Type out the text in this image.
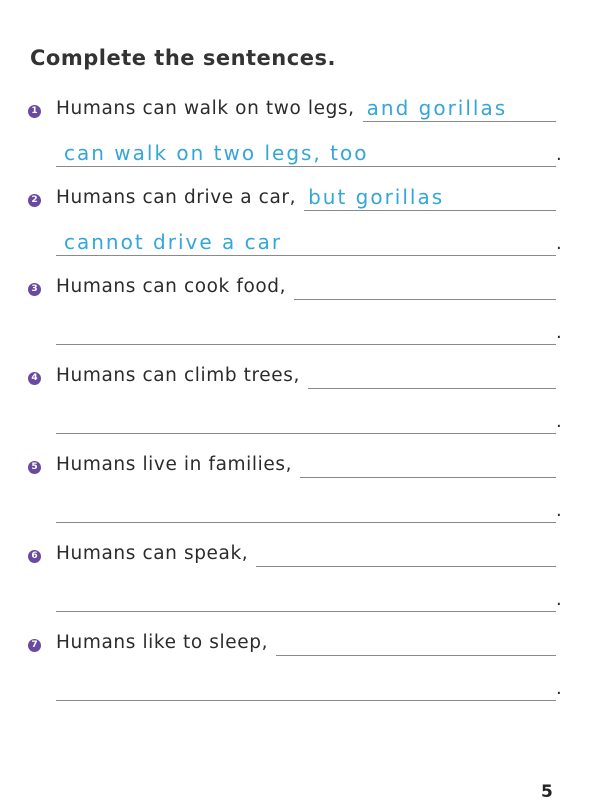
Complete the sentences.
1 Humans can walk on two legs, and gorillas
can walk on two legs, too	.
2 Humans can drive a car, but gorillas
cannot drive a car	.
3 Humans can cook food,
.
4 Humans can climb trees,
.
5 Humans live in families,
.
6 Humans can speak,
.
7 Humans like to sleep,
.
5
